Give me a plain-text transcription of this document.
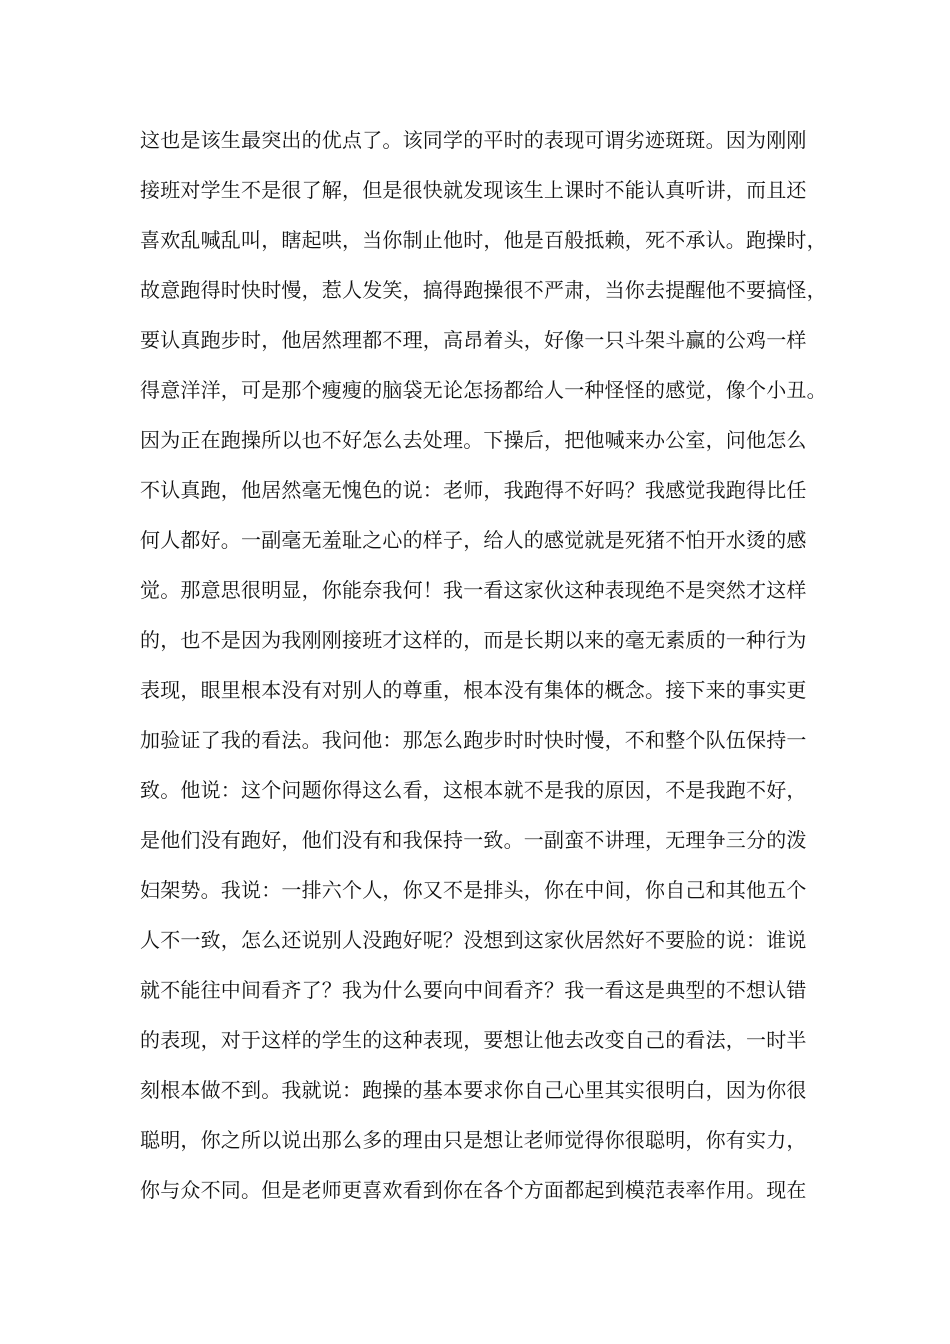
这也是该生最突出的优点了。该同学的平时的表现可谓劣迹斑斑。因为刚刚
接班对学生不是很了解，但是很快就发现该生上课时不能认真听讲，而且还
喜欢乱喊乱叫，瞎起哄，当你制止他时，他是百般抵赖，死不承认。跑操时，
故意跑得时快时慢，惹人发笑，搞得跑操很不严肃，当你去提醒他不要搞怪，
要认真跑步时，他居然理都不理，高昂着头，好像一只斗架斗赢的公鸡一样
得意洋洋，可是那个瘦瘦的脑袋无论怎扬都给人一种怪怪的感觉，像个小丑。
因为正在跑操所以也不好怎么去处理。下操后，把他喊来办公室，问他怎么
不认真跑，他居然毫无愧色的说：老师，我跑得不好吗？我感觉我跑得比任
何人都好。一副毫无羞耻之心的样子，给人的感觉就是死猪不怕开水烫的感
觉。那意思很明显，你能奈我何！我一看这家伙这种表现绝不是突然才这样
的，也不是因为我刚刚接班才这样的，而是长期以来的毫无素质的一种行为
表现，眼里根本没有对别人的尊重，根本没有集体的概念。接下来的事实更
加验证了我的看法。我问他：那怎么跑步时时快时慢，不和整个队伍保持一
致。他说：这个问题你得这么看，这根本就不是我的原因，不是我跑不好，
是他们没有跑好，他们没有和我保持一致。一副蛮不讲理，无理争三分的泼
妇架势。我说：一排六个人，你又不是排头，你在中间，你自己和其他五个
人不一致，怎么还说别人没跑好呢？没想到这家伙居然好不要脸的说：谁说
就不能往中间看齐了？我为什么要向中间看齐？我一看这是典型的不想认错
的表现，对于这样的学生的这种表现，要想让他去改变自己的看法，一时半
刻根本做不到。我就说：跑操的基本要求你自己心里其实很明白，因为你很
聪明，你之所以说出那么多的理由只是想让老师觉得你很聪明，你有实力，
你与众不同。但是老师更喜欢看到你在各个方面都起到模范表率作用。现在
